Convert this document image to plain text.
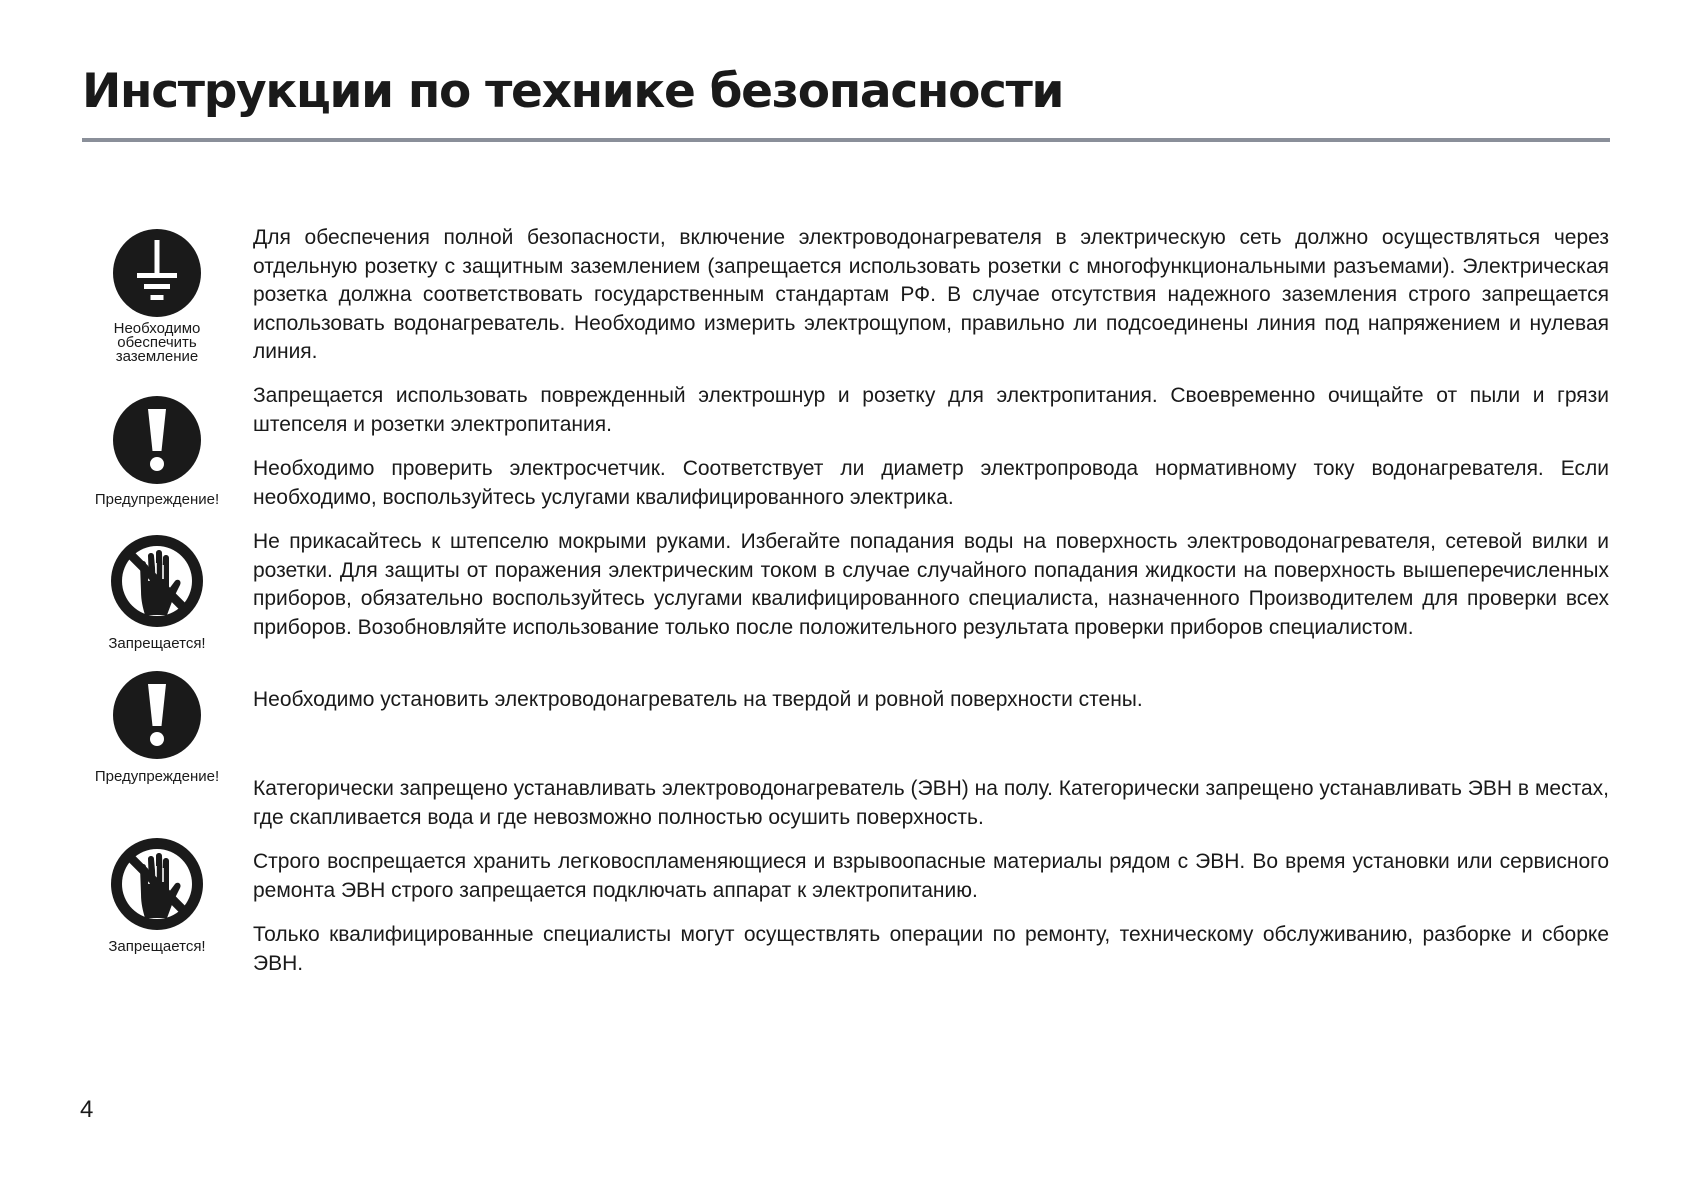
Инструкции по технике безопасности
Необходимо обеспечить заземление
Предупреждение!
Запрещается!
Предупреждение!
Запрещается!

Для обеспечения полной безопасности, включение электроводонагревателя в электрическую сеть должно осуществляться через отдельную розетку с защитным заземлением (запрещается использовать розетки с многофункциональными разъемами). Электрическая розетка должна соответствовать государственным стандартам РФ. В случае отсутствия надежного заземления строго запрещается использовать водонагреватель. Необходимо измерить электрощупом, правильно ли подсоединены линия под напряжением и нулевая линия.

Запрещается использовать поврежденный электрошнур и розетку для электропитания. Своевременно очищайте от пыли и грязи штепселя и розетки электропитания.

Необходимо проверить электросчетчик. Соответствует ли диаметр электропровода нормативному току водонагревателя. Если необходимо, воспользуйтесь услугами квалифицированного электрика.

Не прикасайтесь к штепселю мокрыми руками. Избегайте попадания воды на поверхность электроводонагревателя, сетевой вилки и розетки. Для защиты от поражения электрическим током в случае случайного попадания жидкости на поверхность вышеперечисленных приборов, обязательно воспользуйтесь услугами квалифицированного специалиста, назначенного Производителем для проверки всех приборов. Возобновляйте использование только после положительного результата проверки приборов специалистом.

Необходимо установить электроводонагреватель на твердой и ровной поверхности стены.

Категорически запрещено устанавливать электроводонагреватель (ЭВН) на полу. Категорически запрещено устанавливать ЭВН в местах, где скапливается вода и где невозможно полностью осушить поверхность.

Строго воспрещается хранить легковоспламеняющиеся и взрывоопасные материалы рядом с ЭВН. Во время установки или сервисного ремонта ЭВН строго запрещается подключать аппарат к электропитанию.

Только квалифицированные специалисты могут осуществлять операции по ремонту, техническому обслуживанию, разборке и сборке ЭВН.

4
